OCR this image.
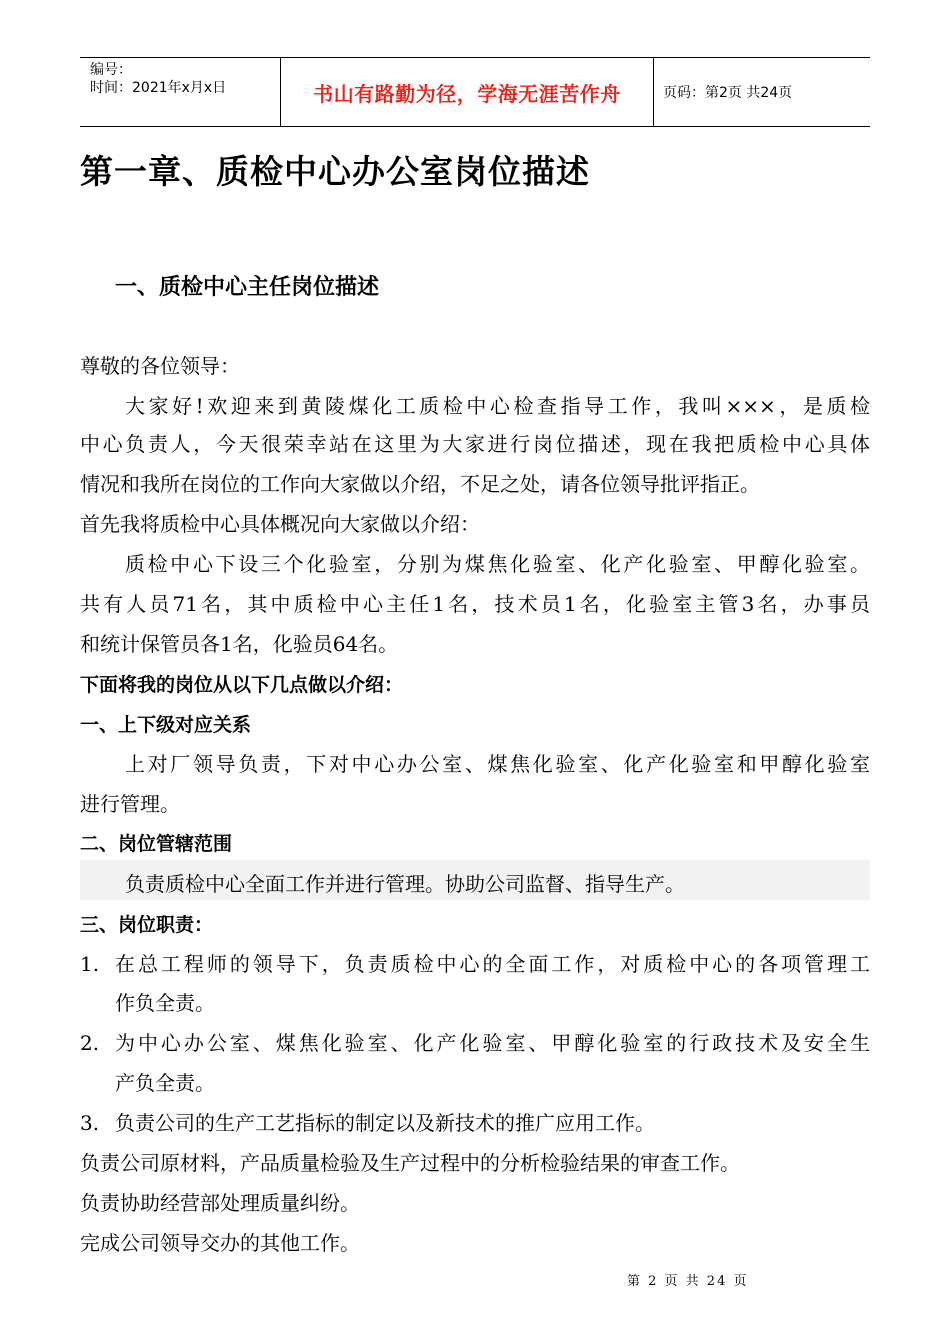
编号：
时间：2021年x月x日	书山有路勤为径，学海无涯苦作舟	页码：第2页 共24页
第一章、质检中心办公室岗位描述
一、质检中心主任岗位描述
尊敬的各位领导：
大家好!欢迎来到黄陵煤化工质检中心检查指导工作，我叫×××，是质检
中心负责人，今天很荣幸站在这里为大家进行岗位描述，现在我把质检中心具体
情况和我所在岗位的工作向大家做以介绍，不足之处，请各位领导批评指正。
首先我将质检中心具体概况向大家做以介绍：
质检中心下设三个化验室，分别为煤焦化验室、化产化验室、甲醇化验室。
共有人员71名，其中质检中心主任1名，技术员1名，化验室主管3名，办事员
和统计保管员各1名，化验员64名。
下面将我的岗位从以下几点做以介绍：
一、上下级对应关系
上对厂领导负责，下对中心办公室、煤焦化验室、化产化验室和甲醇化验室
进行管理。
二、岗位管辖范围
负责质检中心全面工作并进行管理。协助公司监督、指导生产。
三、岗位职责：
1. 在总工程师的领导下，负责质检中心的全面工作，对质检中心的各项管理工
作负全责。
2. 为中心办公室、煤焦化验室、化产化验室、甲醇化验室的行政技术及安全生
产负全责。
3. 负责公司的生产工艺指标的制定以及新技术的推广应用工作。
负责公司原材料，产品质量检验及生产过程中的分析检验结果的审查工作。
负责协助经营部处理质量纠纷。
完成公司领导交办的其他工作。
第 2 页 共 24 页
